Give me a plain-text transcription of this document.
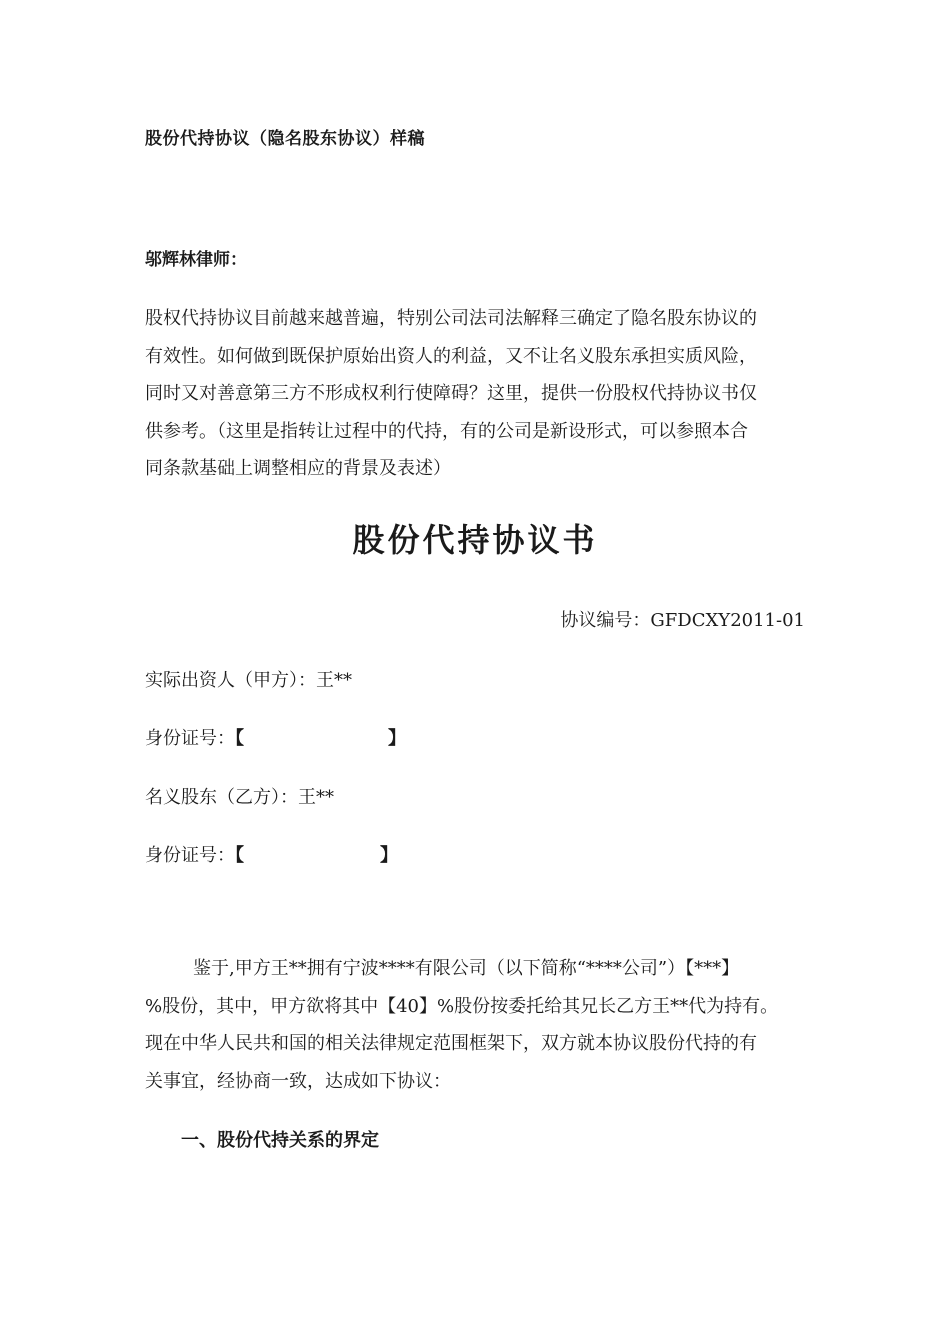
股份代持协议（隐名股东协议）样稿
邬辉林律师：
股权代持协议目前越来越普遍，特别公司法司法解释三确定了隐名股东协议的
有效性。如何做到既保护原始出资人的利益，又不让名义股东承担实质风险，
同时又对善意第三方不形成权利行使障碍？这里，提供一份股权代持协议书仅
供参考。（这里是指转让过程中的代持，有的公司是新设形式，可以参照本合
同条款基础上调整相应的背景及表述）
股份代持协议书
协议编号：GFDCXY2011-01
实际出资人（甲方）：王**
身份证号：【	】
名义股东（乙方）：王**
身份证号：【	】
鉴于,甲方王**拥有宁波****有限公司（以下简称“****公司”）【***】
%股份，其中，甲方欲将其中【40】%股份按委托给其兄长乙方王**代为持有。
现在中华人民共和国的相关法律规定范围框架下，双方就本协议股份代持的有
关事宜，经协商一致，达成如下协议：
一、股份代持关系的界定
